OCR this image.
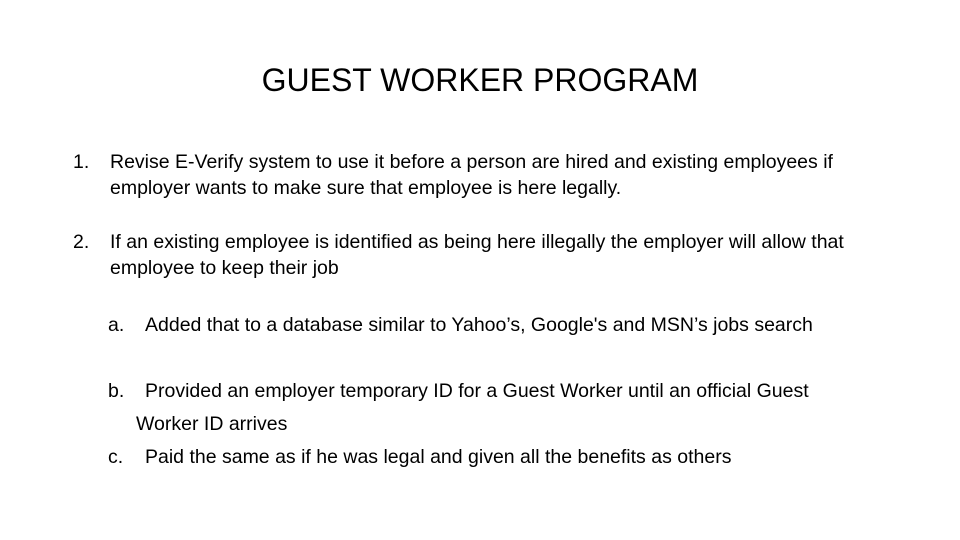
GUEST WORKER PROGRAM
1. Revise E-Verify system to use it before a person are hired and existing employees if employer wants to make sure that employee is here legally.
2. If an existing employee is identified as being here illegally the employer will allow that employee to keep their job
a.	Added that to a database similar to Yahoo’s, Google's and MSN’s jobs search
b.	Provided an employer temporary ID for a Guest Worker until an official Guest Worker ID arrives
c.	Paid the same as if he was legal and given all the benefits as others
